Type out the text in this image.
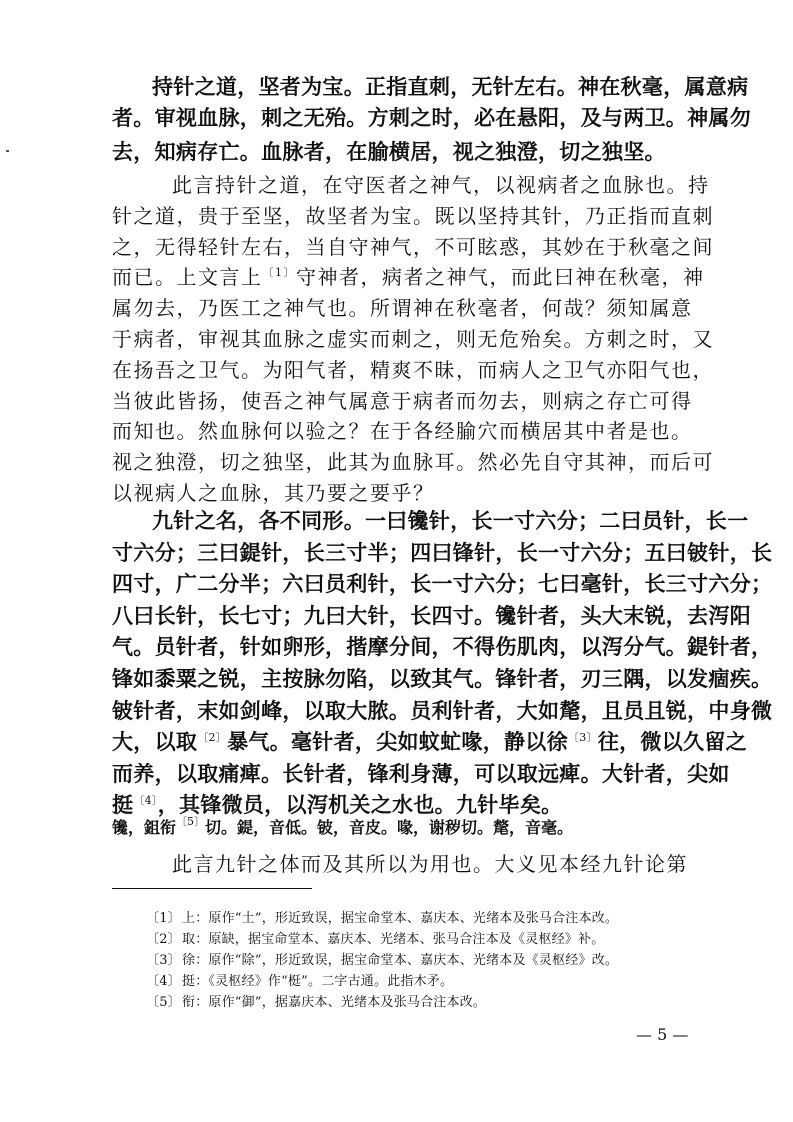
持针之道，坚者为宝。正指直刺，无针左右。神在秋毫，属意病
者。审视血脉，刺之无殆。方刺之时，必在悬阳，及与两卫。神属勿
去，知病存亡。血脉者，在腧横居，视之独澄，切之独坚。
此言持针之道，在守医者之神气，以视病者之血脉也。持
针之道，贵于至坚，故坚者为宝。既以坚持其针，乃正指而直刺
之，无得轻针左右，当自守神气，不可眩惑，其妙在于秋毫之间
而已。上文言上$^{〔1〕}$守神者，病者之神气，而此曰神在秋毫，神
属勿去，乃医工之神气也。所谓神在秋毫者，何哉？须知属意
于病者，审视其血脉之虚实而刺之，则无危殆矣。方刺之时，又
在扬吾之卫气。为阳气者，精爽不昧，而病人之卫气亦阳气也，
当彼此皆扬，使吾之神气属意于病者而勿去，则病之存亡可得
而知也。然血脉何以验之？在于各经腧穴而横居其中者是也。
视之独澄，切之独坚，此其为血脉耳。然必先自守其神，而后可
以视病人之血脉，其乃要之要乎？
九针之名，各不同形。一曰镵针，长一寸六分；二曰员针，长一
寸六分；三曰鍉针，长三寸半；四曰锋针，长一寸六分；五曰铍针，长
四寸，广二分半；六曰员利针，长一寸六分；七曰毫针，长三寸六分；
八曰长针，长七寸；九曰大针，长四寸。镵针者，头大末锐，去泻阳
气。员针者，针如卵形，揩摩分间，不得伤肌肉，以泻分气。鍉针者，
锋如黍粟之锐，主按脉勿陷，以致其气。锋针者，刃三隅，以发痼疾。
铍针者，末如剑峰，以取大脓。员利针者，大如氂，且员且锐，中身微
大，以取$^{〔2〕}$暴气。毫针者，尖如蚊虻喙，静以徐$^{〔3〕}$往，微以久留之
而养，以取痛痺。长针者，锋利身薄，可以取远痺。大针者，尖如
挺$^{〔4〕}$，其锋微员，以泻机关之水也。九针毕矣。
镵，鉏衔$^{〔5〕}$切。鍉，音低。铍，音皮。喙，谢秽切。氂，音毫。
此言九针之体而及其所以为用也。大义见本经九针论第
〔1〕上：原作“土”，形近致误，据宝命堂本、嘉庆本、光绪本及张马合注本改。
〔2〕取：原缺，据宝命堂本、嘉庆本、光绪本、张马合注本及《灵枢经》补。
〔3〕徐：原作“除”，形近致误，据宝命堂本、嘉庆本、光绪本及《灵枢经》改。
〔4〕挺：《灵枢经》作“梃”。二字古通。此指木矛。
〔5〕衔：原作“御”，据嘉庆本、光绪本及张马合注本改。
— 5 —
